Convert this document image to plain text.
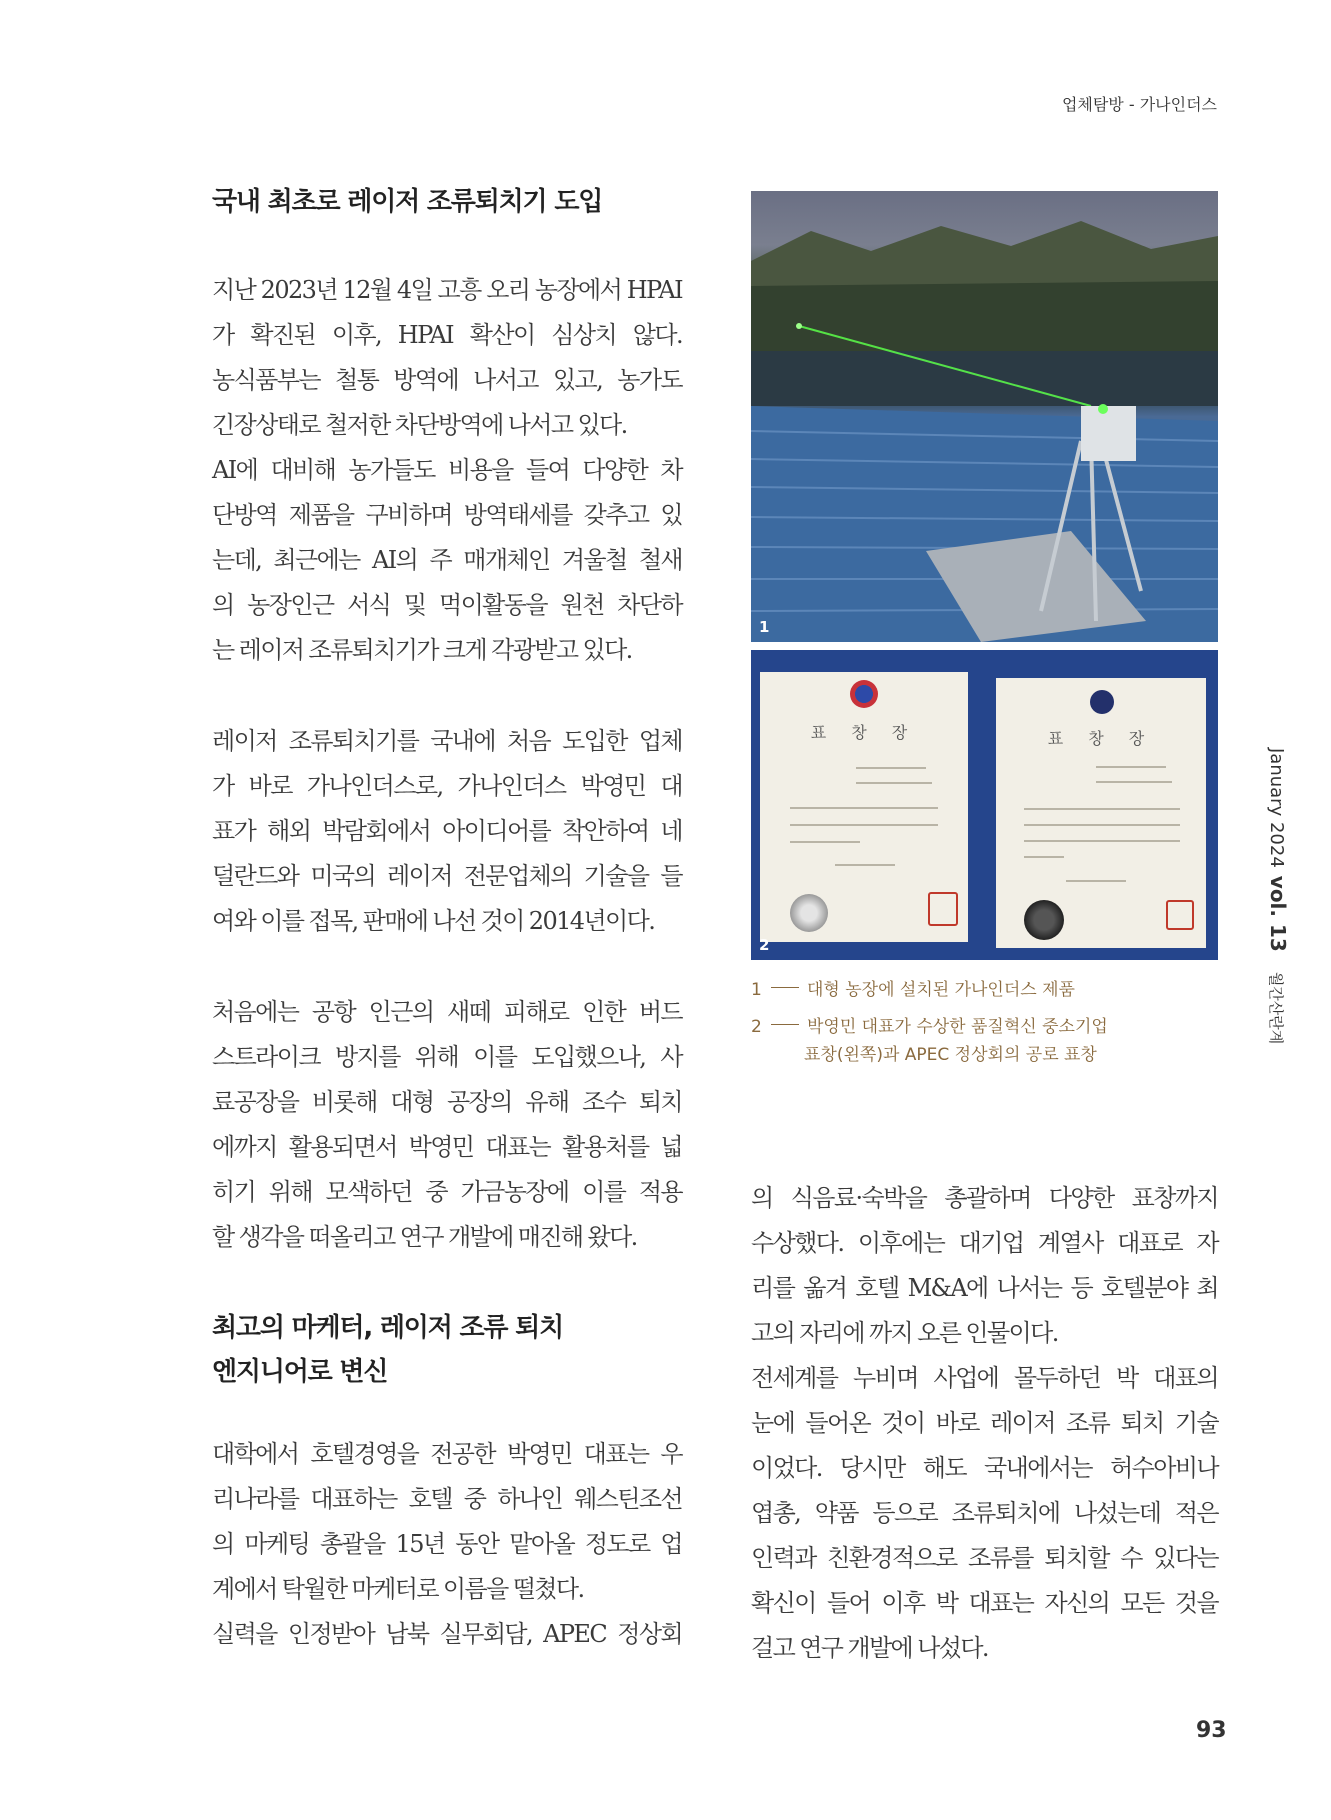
업체탐방 - 가나인더스
국내 최초로 레이저 조류퇴치기 도입

지난 2023년 12월 4일 고흥 오리 농장에서 HPAI

가 확진된 이후, HPAI 확산이 심상치 않다.

농식품부는 철통 방역에 나서고 있고, 농가도

긴장상태로 철저한 차단방역에 나서고 있다.

AI에 대비해 농가들도 비용을 들여 다양한 차

단방역 제품을 구비하며 방역태세를 갖추고 있

는데, 최근에는 AI의 주 매개체인 겨울철 철새

의 농장인근 서식 및 먹이활동을 원천 차단하

는 레이저 조류퇴치기가 크게 각광받고 있다.

레이저 조류퇴치기를 국내에 처음 도입한 업체

가 바로 가나인더스로, 가나인더스 박영민 대

표가 해외 박람회에서 아이디어를 착안하여 네

덜란드와 미국의 레이저 전문업체의 기술을 들

여와 이를 접목, 판매에 나선 것이 2014년이다.

처음에는 공항 인근의 새떼 피해로 인한 버드

스트라이크 방지를 위해 이를 도입했으나, 사

료공장을 비롯해 대형 공장의 유해 조수 퇴치

에까지 활용되면서 박영민 대표는 활용처를 넓

히기 위해 모색하던 중 가금농장에 이를 적용

할 생각을 떠올리고 연구 개발에 매진해 왔다.

최고의 마케터, 레이저 조류 퇴치
엔지니어로 변신

대학에서 호텔경영을 전공한 박영민 대표는 우

리나라를 대표하는 호텔 중 하나인 웨스틴조선

의 마케팅 총괄을 15년 동안 맡아올 정도로 업

계에서 탁월한 마케터로 이름을 떨쳤다.

실력을 인정받아 남북 실무회담, APEC 정상회

1
표 창 장	표 창 장
2
1	대형 농장에 설치된 가나인더스 제품
2	박영민 대표가 수상한 품질혁신 중소기업
표창(왼쪽)과 APEC 정상회의 공로 표창

의 식음료·숙박을 총괄하며 다양한 표창까지

수상했다. 이후에는 대기업 계열사 대표로 자

리를 옮겨 호텔 M&A에 나서는 등 호텔분야 최

고의 자리에 까지 오른 인물이다.

전세계를 누비며 사업에 몰두하던 박 대표의

눈에 들어온 것이 바로 레이저 조류 퇴치 기술

이었다. 당시만 해도 국내에서는 허수아비나

엽총, 약품 등으로 조류퇴치에 나섰는데 적은

인력과 친환경적으로 조류를 퇴치할 수 있다는

확신이 들어 이후 박 대표는 자신의 모든 것을

걸고 연구 개발에 나섰다.

January 2024vol. 13월간산란계
93
